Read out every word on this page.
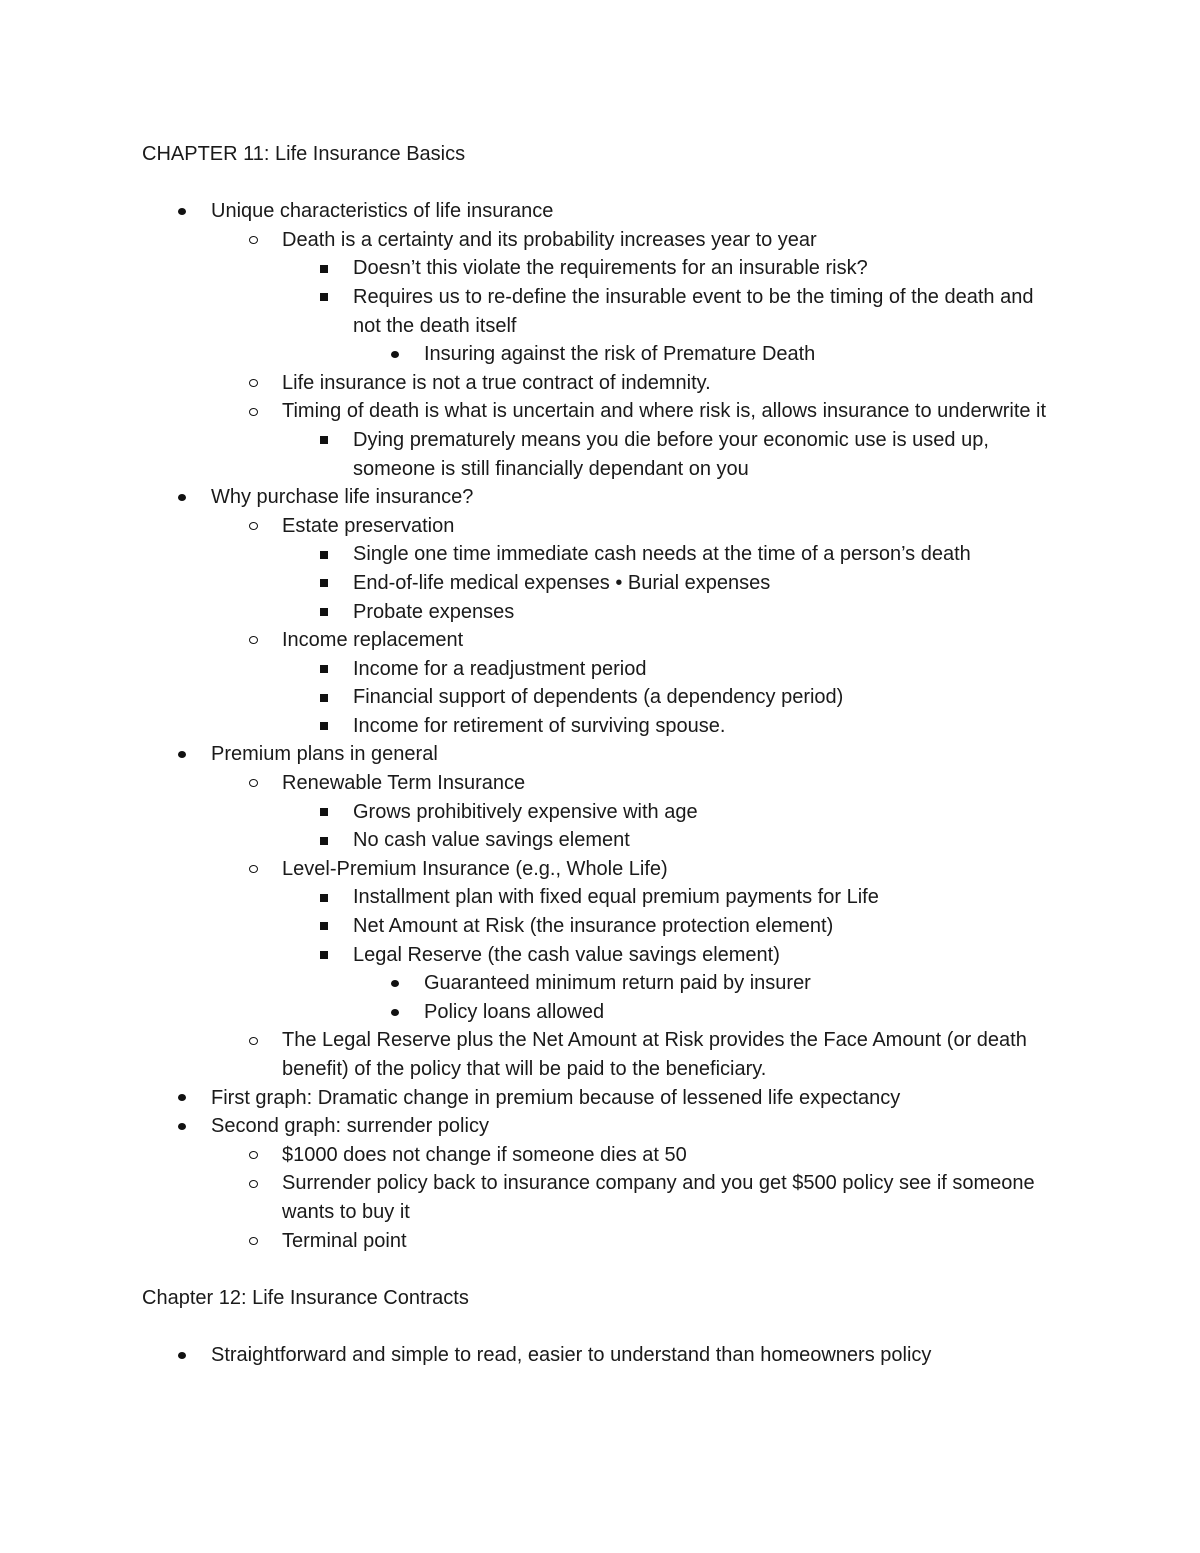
CHAPTER 11: Life Insurance Basics
Unique characteristics of life insurance
Death is a certainty and its probability increases year to year
Doesn’t this violate the requirements for an insurable risk?
Requires us to re-define the insurable event to be the timing of the death and not the death itself
Insuring against the risk of Premature Death
Life insurance is not a true contract of indemnity.
Timing of death is what is uncertain and where risk is, allows insurance to underwrite it
Dying prematurely means you die before your economic use is used up, someone is still financially dependant on you
Why purchase life insurance?
Estate preservation
Single one time immediate cash needs at the time of a person’s death
End-of-life medical expenses • Burial expenses
Probate expenses
Income replacement
Income for a readjustment period
Financial support of dependents (a dependency period)
Income for retirement of surviving spouse.
Premium plans in general
Renewable Term Insurance
Grows prohibitively expensive with age
No cash value savings element
Level-Premium Insurance (e.g., Whole Life)
Installment plan with fixed equal premium payments for Life
Net Amount at Risk (the insurance protection element)
Legal Reserve (the cash value savings element)
Guaranteed minimum return paid by insurer
Policy loans allowed
The Legal Reserve plus the Net Amount at Risk provides the Face Amount (or death benefit) of the policy that will be paid to the beneficiary.
First graph: Dramatic change in premium because of lessened life expectancy
Second graph: surrender policy
$1000 does not change if someone dies at 50
Surrender policy back to insurance company and you get $500 policy see if someone wants to buy it
Terminal point
Chapter 12: Life Insurance Contracts
Straightforward and simple to read, easier to understand than homeowners policy
